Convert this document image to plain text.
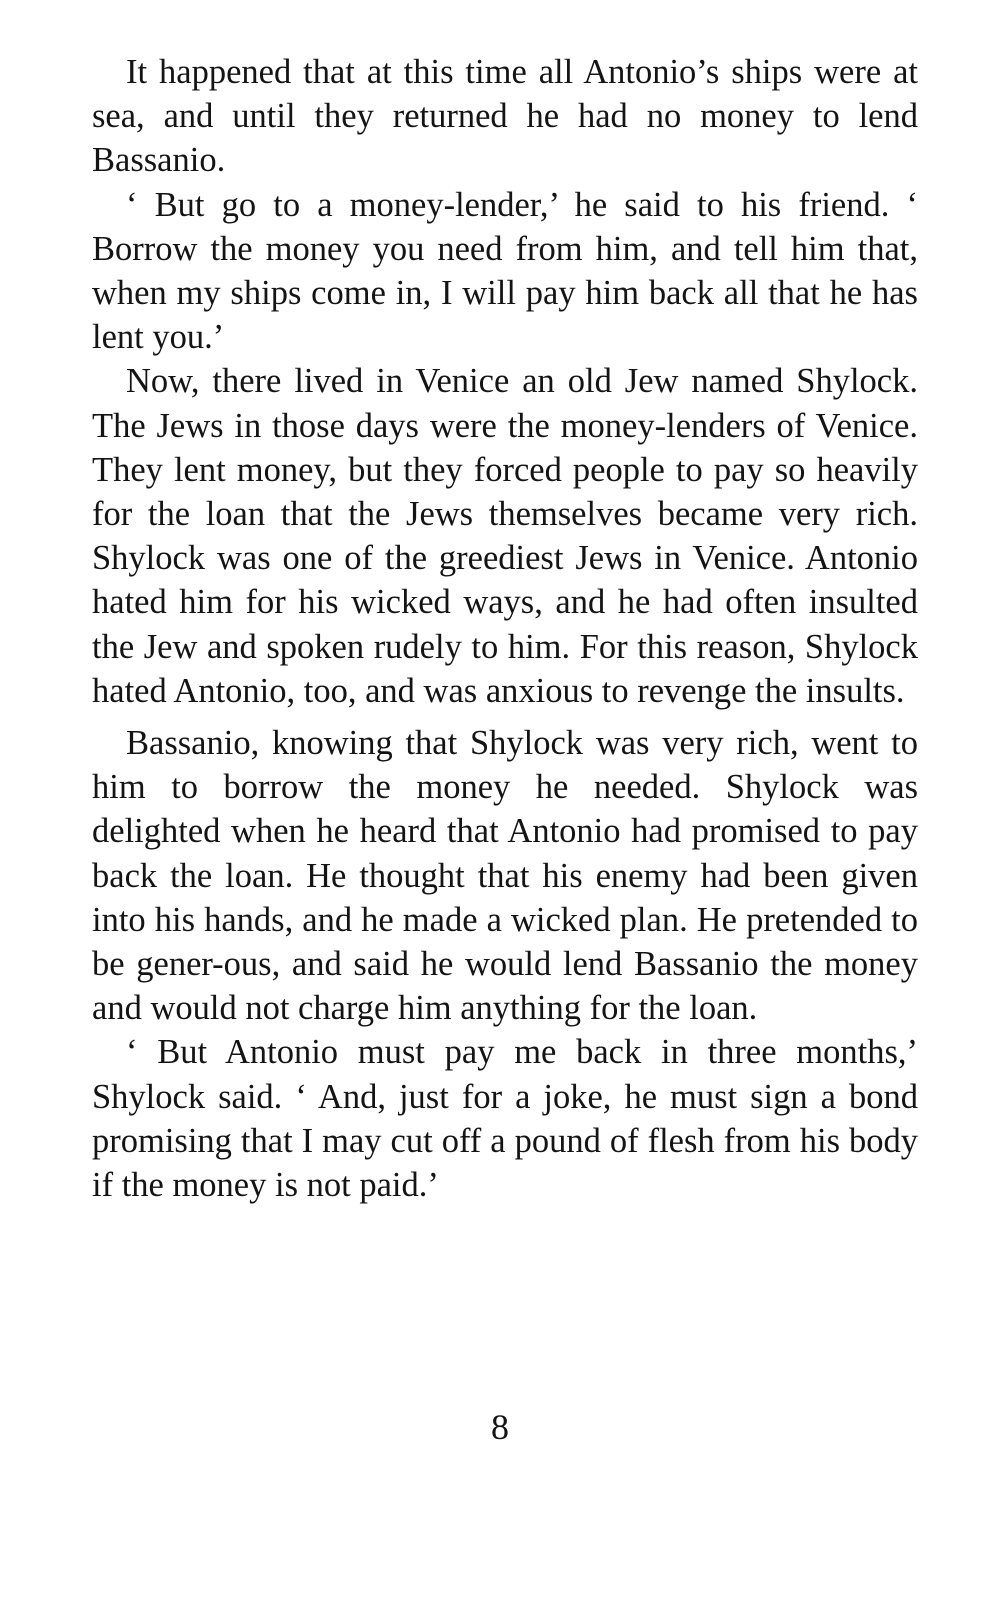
It happened that at this time all Antonio’s ships were at sea, and until they returned he had no money to lend Bassanio.

‘ But go to a money-lender,’ he said to his friend. ‘ Borrow the money you need from him, and tell him that, when my ships come in, I will pay him back all that he has lent you.’

Now, there lived in Venice an old Jew named Shylock. The Jews in those days were the money-lenders of Venice. They lent money, but they forced people to pay so heavily for the loan that the Jews themselves became very rich. Shylock was one of the greediest Jews in Venice. Antonio hated him for his wicked ways, and he had often insulted the Jew and spoken rudely to him. For this reason, Shylock hated Antonio, too, and was anxious to revenge the insults.

Bassanio, knowing that Shylock was very rich, went to him to borrow the money he needed. Shylock was delighted when he heard that Antonio had promised to pay back the loan. He thought that his enemy had been given into his hands, and he made a wicked plan. He pretended to be gener-ous, and said he would lend Bassanio the money and would not charge him anything for the loan.

‘ But Antonio must pay me back in three months,’ Shylock said. ‘ And, just for a joke, he must sign a bond promising that I may cut off a pound of flesh from his body if the money is not paid.’

8
